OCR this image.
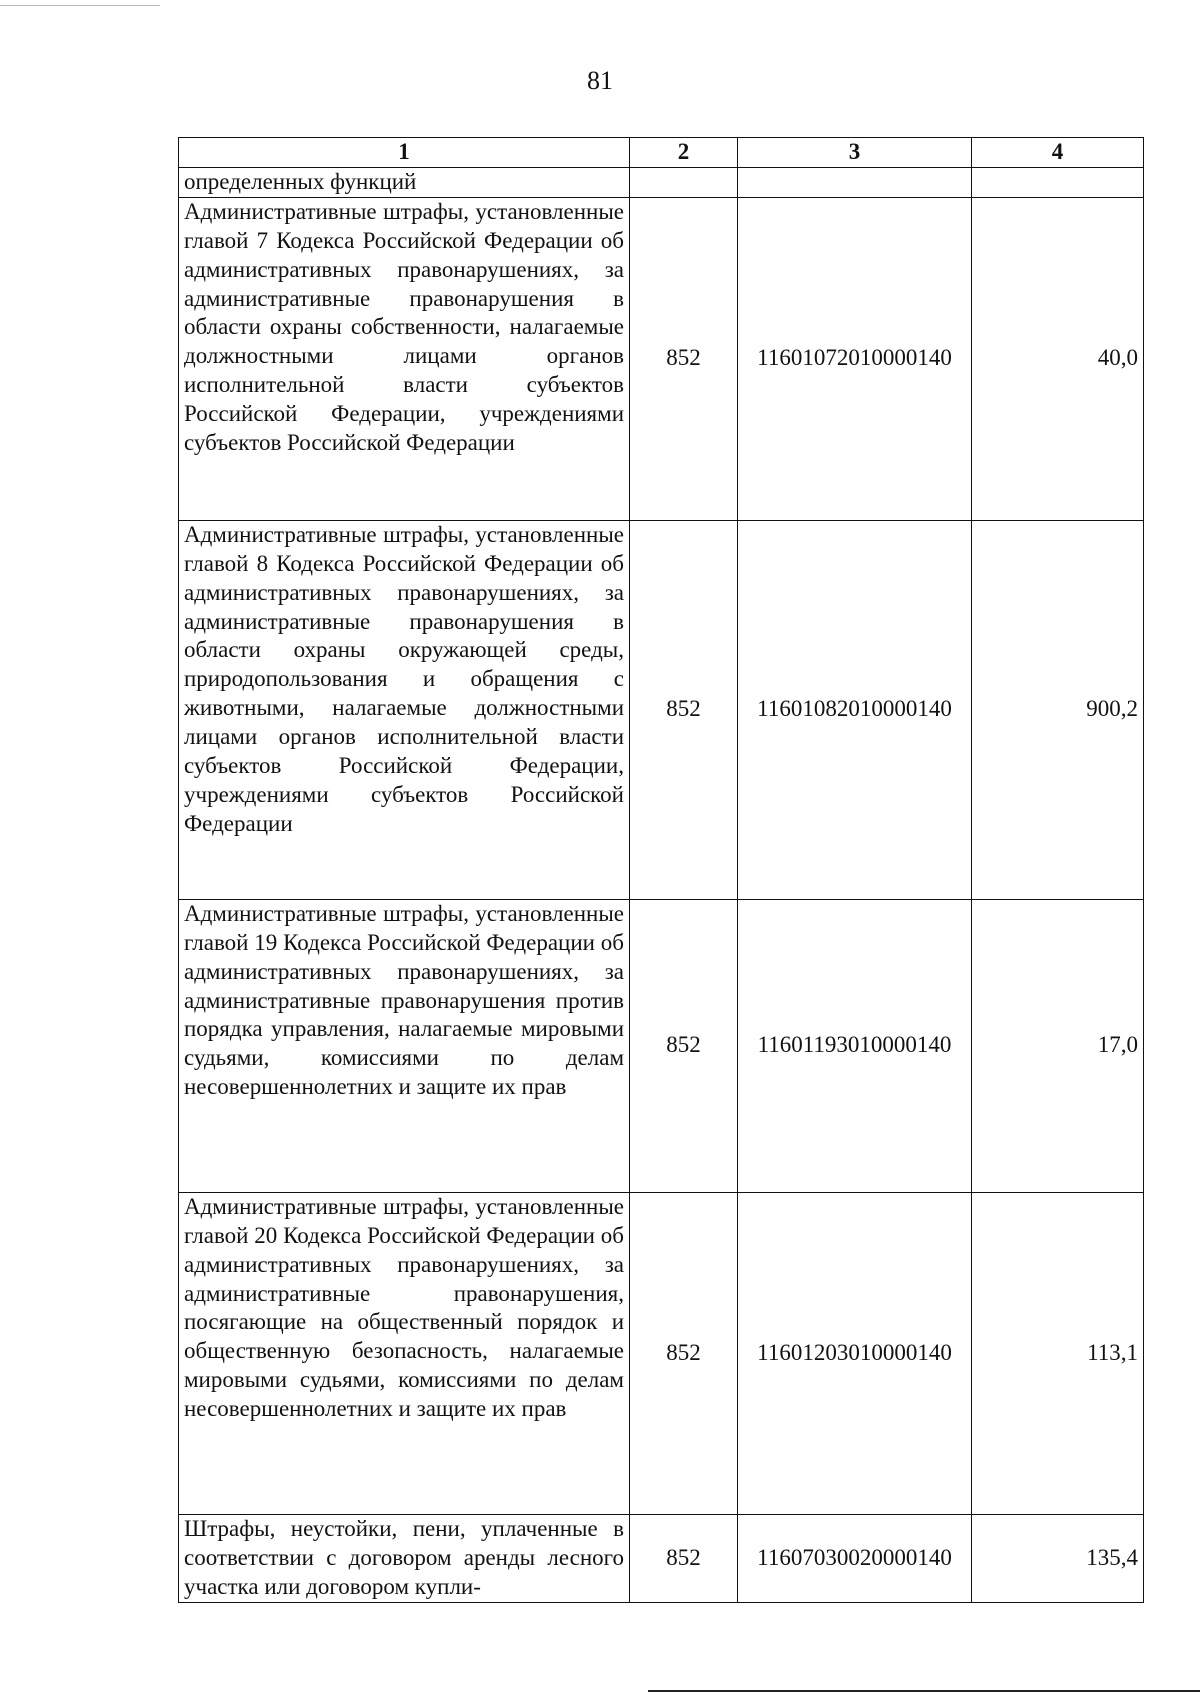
81
1	2	3	4
определенных функций			
Административные штрафы, установленные главой 7 Кодекса Российской Федерации об административных правонарушениях, за административные правонарушения в области охраны собственности, налагаемые должностными лицами органов исполнительной власти субъектов Российской Федерации, учреждениями субъектов Российской Федерации	852	11601072010000140	40,0
Административные штрафы, установленные главой 8 Кодекса Российской Федерации об административных правонарушениях, за административные правонарушения в области охраны окружающей среды, природопользования и обращения с животными, налагаемые должностными лицами органов исполнительной власти субъектов Российской Федерации, учреждениями субъектов Российской Федерации	852	11601082010000140	900,2
Административные штрафы, установленные главой 19 Кодекса Российской Федерации об административных правонарушениях, за административные правонарушения против порядка управления, налагаемые мировыми судьями, комиссиями по делам несовершеннолетних и защите их прав	852	11601193010000140	17,0
Административные штрафы, установленные главой 20 Кодекса Российской Федерации об административных правонарушениях, за административные правонарушения, посягающие на общественный порядок и общественную безопасность, налагаемые мировыми судьями, комиссиями по делам несовершеннолетних и защите их прав	852	11601203010000140	113,1
Штрафы, неустойки, пени, уплаченные в соответствии с договором аренды лесного участка или договором купли-	852	11607030020000140	135,4
